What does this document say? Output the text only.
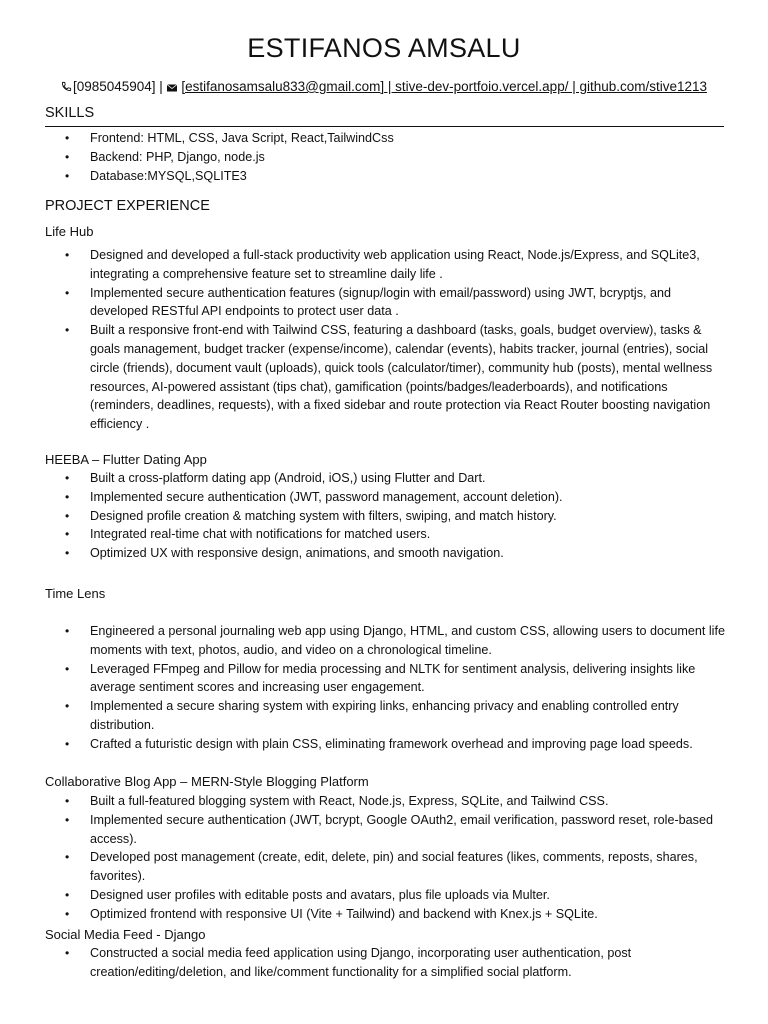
ESTIFANOS AMSALU
[0985045904] |  [estifanosamsalu833@gmail.com] | stive-dev-portfoio.vercel.app/ | github.com/stive1213
SKILLS
• Frontend: HTML, CSS, Java Script, React,TailwindCss
• Backend: PHP, Django, node.js
• Database:MYSQL,SQLITE3
PROJECT EXPERIENCE
Life Hub
• Designed and developed a full-stack productivity web application using React, Node.js/Express, and SQLite3, integrating a comprehensive feature set to streamline daily life .
• Implemented secure authentication features (signup/login with email/password) using JWT, bcryptjs, and developed RESTful API endpoints to protect user data .
• Built a responsive front-end with Tailwind CSS, featuring a dashboard (tasks, goals, budget overview), tasks & goals management, budget tracker (expense/income), calendar (events), habits tracker, journal (entries), social circle (friends), document vault (uploads), quick tools (calculator/timer), community hub (posts), mental wellness resources, AI-powered assistant (tips chat), gamification (points/badges/leaderboards), and notifications (reminders, deadlines, requests), with a fixed sidebar and route protection via React Router boosting navigation efficiency .
HEEBA – Flutter Dating App
• Built a cross-platform dating app (Android, iOS,) using Flutter and Dart.
• Implemented secure authentication (JWT, password management, account deletion).
• Designed profile creation & matching system with filters, swiping, and match history.
• Integrated real-time chat with notifications for matched users.
• Optimized UX with responsive design, animations, and smooth navigation.
Time Lens
• Engineered a personal journaling web app using Django, HTML, and custom CSS, allowing users to document life moments with text, photos, audio, and video on a chronological timeline.
• Leveraged FFmpeg and Pillow for media processing and NLTK for sentiment analysis, delivering insights like average sentiment scores and increasing user engagement.
• Implemented a secure sharing system with expiring links, enhancing privacy and enabling controlled entry distribution.
• Crafted a futuristic design with plain CSS, eliminating framework overhead and improving page load speeds.
Collaborative Blog App – MERN-Style Blogging Platform
• Built a full-featured blogging system with React, Node.js, Express, SQLite, and Tailwind CSS.
• Implemented secure authentication (JWT, bcrypt, Google OAuth2, email verification, password reset, role-based access).
• Developed post management (create, edit, delete, pin) and social features (likes, comments, reposts, shares, favorites).
• Designed user profiles with editable posts and avatars, plus file uploads via Multer.
• Optimized frontend with responsive UI (Vite + Tailwind) and backend with Knex.js + SQLite.
Social Media Feed - Django
• Constructed a social media feed application using Django, incorporating user authentication, post creation/editing/deletion, and like/comment functionality for a simplified social platform.
